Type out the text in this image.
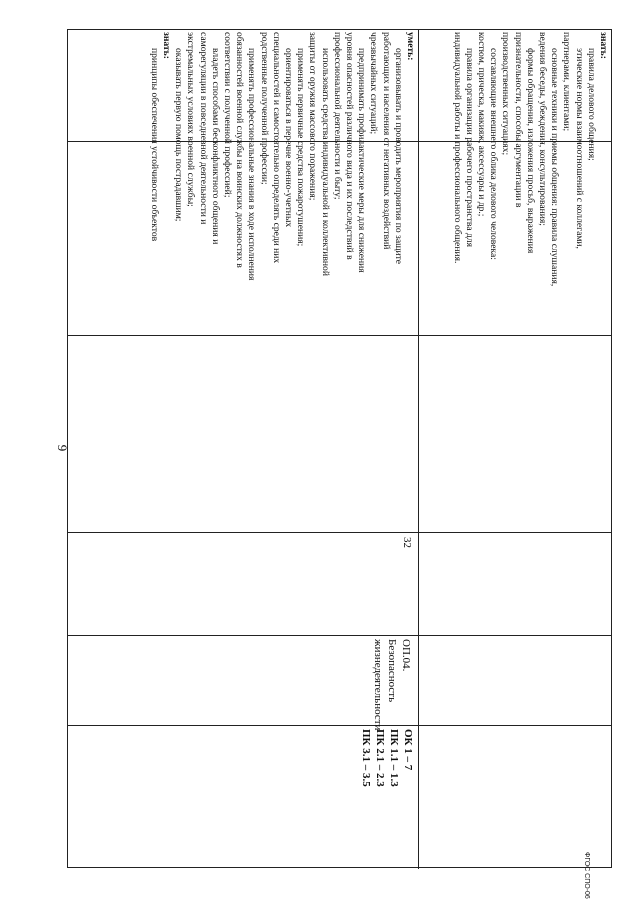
9
ФГОС СПО-06

знать:

правила делового общения;

этические нормы взаимоотношений с коллегами,

партнерами, клиентами;

основные техники и приемы общения: правила слушания,

ведения беседы, убеждения, консультирования;

формы обращения, изложения просьб, выражения

признательности, способы аргументации в

производственных ситуациях;

составляющие внешнего облика делового человека:

костюм, прическа, макияж, аксессуары и др.;

правила организации рабочего пространства для

индивидуальной работы и профессионального общения.

уметь:

организовывать и проводить мероприятия по защите

работающих и населения от негативных воздействий

чрезвычайных ситуаций;

предпринимать профилактические меры для снижения

уровня опасностей различного вида и их последствий в

профессиональной деятельности и быту;

использовать средства индивидуальной и коллективной

защиты от оружия массового поражения;

применять первичные средства пожаротушения;

ориентироваться в перечне военно-учетных

специальностей и самостоятельно определять среди них

родственные полученной профессии;

применять профессиональные знания в ходе исполнения

обязанностей военной службы на воинских должностях в

соответствии с полученной профессией;

владеть способами бесконфликтного общения и

саморегуляции в повседневной деятельности и

экстремальных условиях военной службы;

оказывать первую помощь пострадавшим;

знать:

принципы обеспечения устойчивости объектов

32
ОП.04. Безопасность жизнедеятельности

ОК 1 – 7

ПК 1.1 – 1.3

ПК 2.1 – 2.3

ПК 3.1 – 3.5
